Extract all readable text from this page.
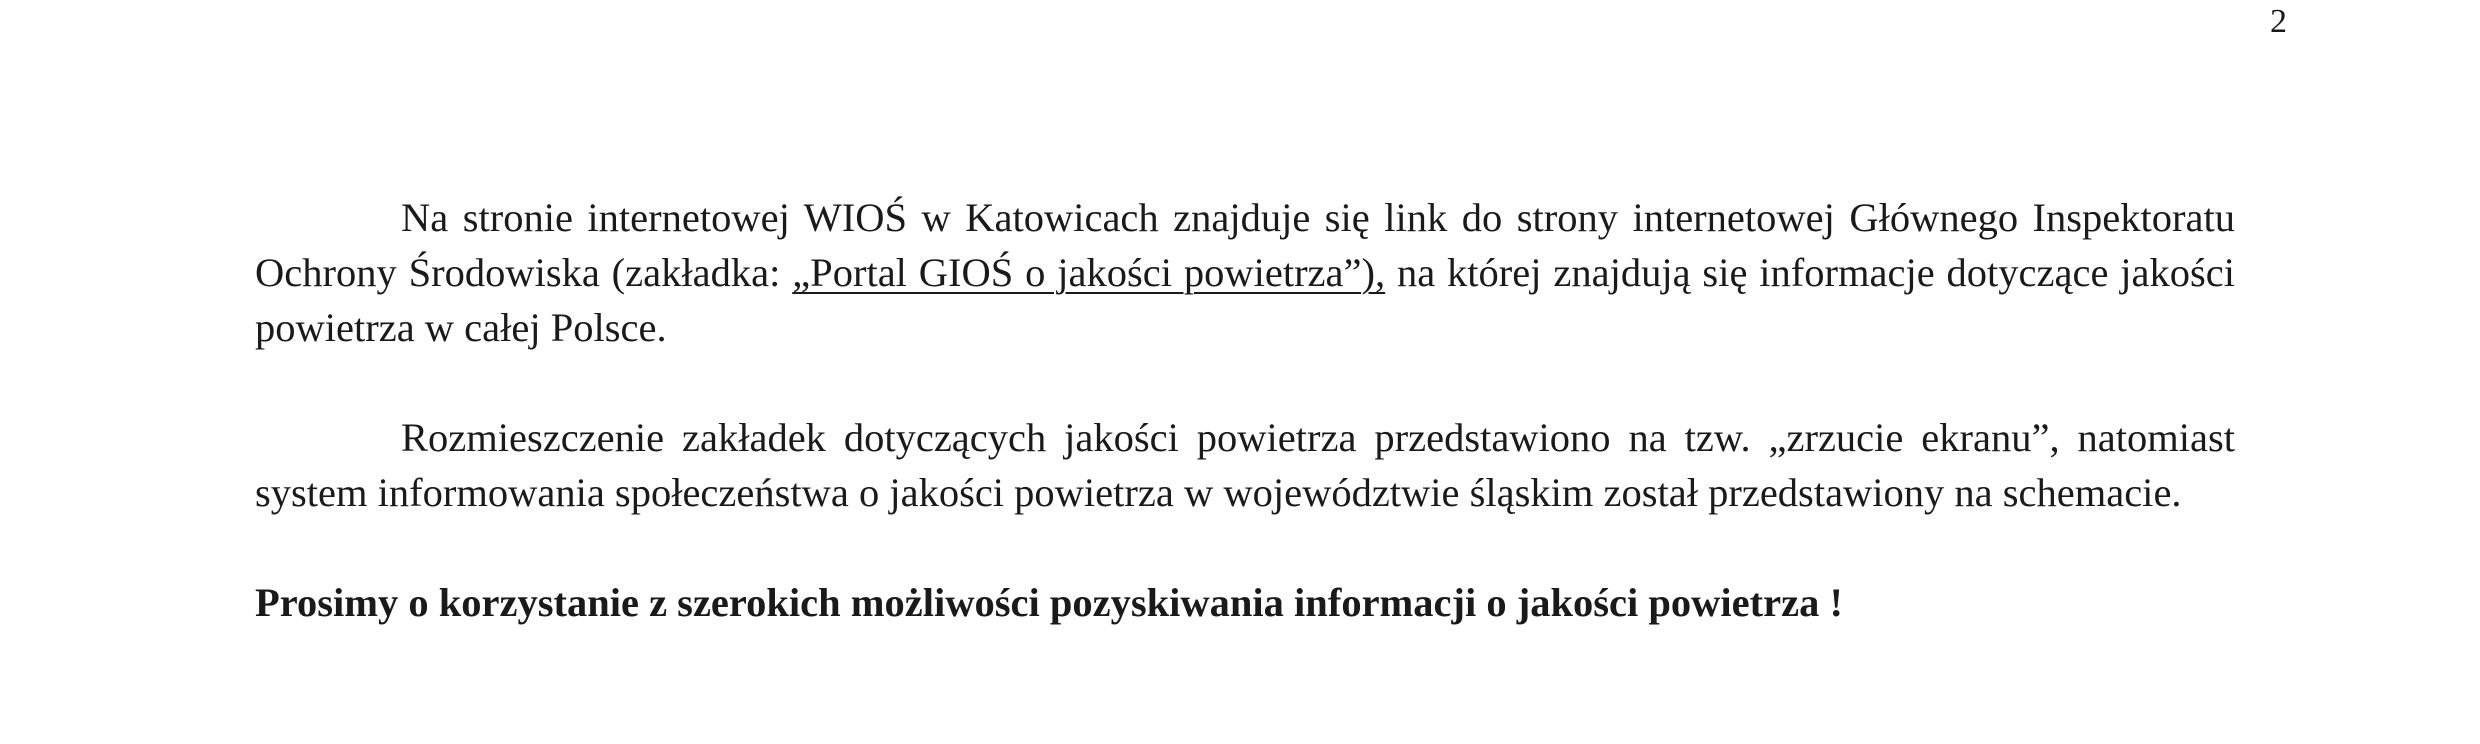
2

Na stronie internetowej WIOŚ w Katowicach znajduje się link do strony internetowej Głównego Inspektoratu Ochrony Środowiska (zakładka: „Portal GIOŚ o jakości powietrza”), na której znajdują się informacje dotyczące jakości powietrza w całej Polsce.

Rozmieszczenie zakładek dotyczących jakości powietrza przedstawiono na tzw. „zrzucie ekranu”, natomiast system informowania społeczeństwa o jakości powietrza w województwie śląskim został przedstawiony na schemacie.

Prosimy o korzystanie z szerokich możliwości pozyskiwania informacji o jakości powietrza !
